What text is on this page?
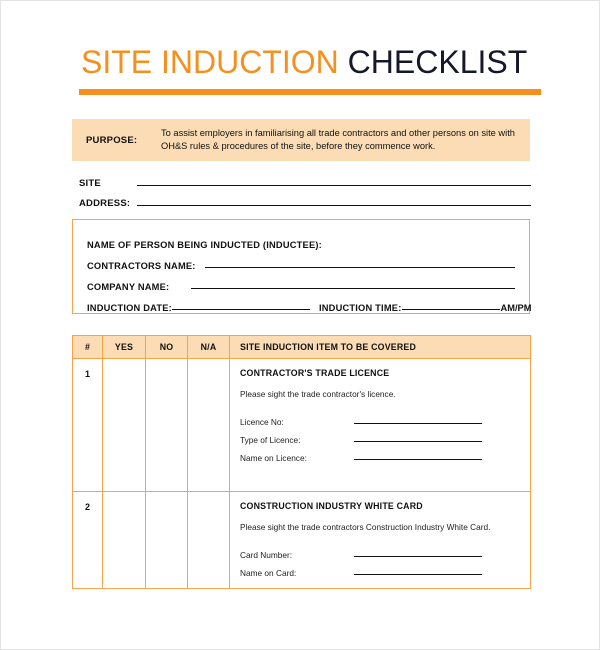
SITE INDUCTION CHECKLIST
PURPOSE:
To assist employers in familiarising all trade contractors and other persons on site with OH&S rules & procedures of the site, before they commence work.
SITE
ADDRESS:
NAME OF PERSON BEING INDUCTED (INDUCTEE):
CONTRACTORS NAME:
COMPANY NAME:
INDUCTION DATE:	INDUCTION TIME:	AM/PM
#	YES	NO	N/A	SITE INDUCTION ITEM TO BE COVERED
1				CONTRACTOR'S TRADE LICENCE
Please sight the trade contractor's licence.
Licence No:
Type of Licence:
Name on Licence:

2				CONSTRUCTION INDUSTRY WHITE CARD
Please sight the trade contractors Construction Industry White Card.
Card Number:
Name on Card:
